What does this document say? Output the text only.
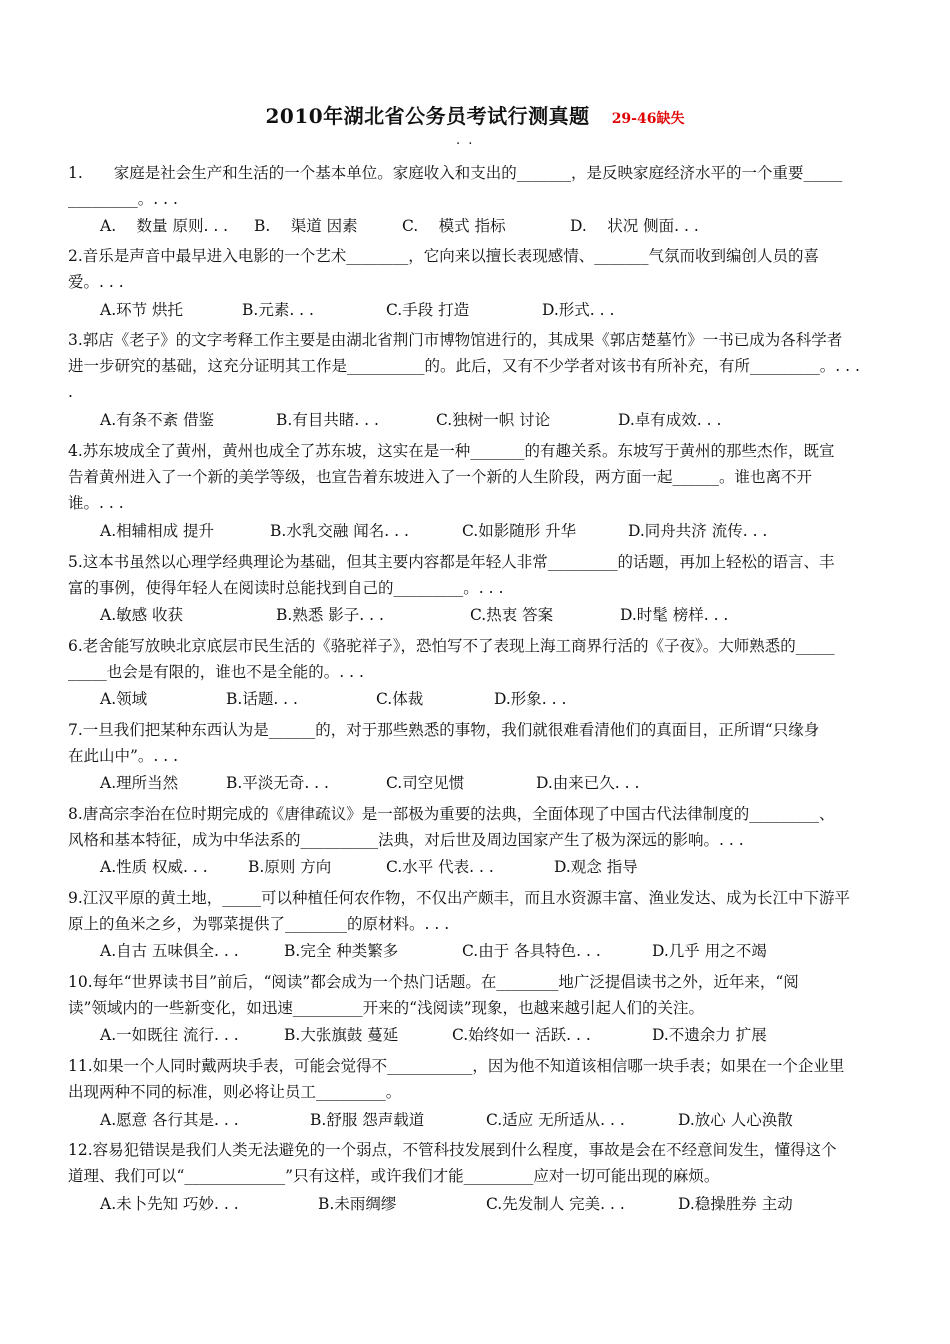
2010年湖北省公务员考试行测真题 29-46缺失
. .

1.　　家庭是社会生产和生活的一个基本单位。家庭收入和支出的_______，是反映家庭经济水平的一个重要_____

_________。. . .

A.　 数量 原则. . . B.　 渠道 因素	C.　 模式 指标	D.　 状况 侧面. . .

2.音乐是声音中最早进入电影的一个艺术________，它向来以擅长表现感情、_______气氛而收到编创人员的喜

爱。. . .

A.环节 烘托	B.元素. . .	C.手段 打造	D.形式. . .

3.郭店《老子》的文字考释工作主要是由湖北省荆门市博物馆进行的，其成果《郭店楚墓竹》一书已成为各科学者

进一步研究的基础，这充分证明其工作是__________的。此后，又有不少学者对该书有所补充，有所_________。. . .

.

A.有条不紊 借鉴	B.有目共睹. . .	C.独树一帜 讨论	D.卓有成效. . .

4.苏东坡成全了黄州，黄州也成全了苏东坡，这实在是一种_______的有趣关系。东坡写于黄州的那些杰作，既宣

告着黄州进入了一个新的美学等级，也宣告着东坡进入了一个新的人生阶段，两方面一起______。谁也离不开

谁。. . .

A.相辅相成 提升	B.水乳交融 闻名. . .	C.如影随形 升华	D.同舟共济 流传. . .

5.这本书虽然以心理学经典理论为基础，但其主要内容都是年轻人非常_________的话题，再加上轻松的语言、丰

富的事例，使得年轻人在阅读时总能找到自己的_________。. . .

A.敏感 收获	B.熟悉 影子. . .	C.热衷 答案	D.时髦 榜样. . .

6.老舍能写放映北京底层市民生活的《骆驼祥子》，恐怕写不了表现上海工商界行活的《子夜》。大师熟悉的_____

_____也会是有限的，谁也不是全能的。. . .

A.领域	B.话题. . .	C.体裁	D.形象. . .

7.一旦我们把某种东西认为是______的，对于那些熟悉的事物，我们就很难看清他们的真面目，正所谓“只缘身

在此山中”。. . .

A.理所当然	B.平淡无奇. . .	C.司空见惯	D.由来已久. . .

8.唐高宗李治在位时期完成的《唐律疏议》是一部极为重要的法典，全面体现了中国古代法律制度的_________、

风格和基本特征，成为中华法系的__________法典，对后世及周边国家产生了极为深远的影响。. . .

A.性质 权威. . .	B.原则 方向	C.水平 代表. . .	D.观念 指导

9.江汉平原的黄土地，_____可以种植任何农作物，不仅出产颇丰，而且水资源丰富、渔业发达、成为长江中下游平

原上的鱼米之乡，为鄂菜提供了________的原材料。. . .

A.自古 五味俱全. . .	B.完全 种类繁多	C.由于 各具特色. . .	D.几乎 用之不竭

10.每年“世界读书目”前后，“阅读”都会成为一个热门话题。在________地广泛提倡读书之外，近年来，“阅

读”领域内的一些新变化，如迅速_________开来的“浅阅读”现象，也越来越引起人们的关注。

A.一如既往 流行. . .	B.大张旗鼓 蔓延	C.始终如一 活跃. . .	D.不遗余力 扩展

11.如果一个人同时戴两块手表，可能会觉得不___________，因为他不知道该相信哪一块手表；如果在一个企业里

出现两种不同的标准，则必将让员工_________。

A.愿意 各行其是. . .	B.舒服 怨声载道	C.适应 无所适从. . .	D.放心 人心涣散

12.容易犯错误是我们人类无法避免的一个弱点，不管科技发展到什么程度，事故是会在不经意间发生，懂得这个

道理、我们可以“_____________”只有这样，或许我们才能_________应对一切可能出现的麻烦。

A.未卜先知 巧妙. . .	B.未雨绸缪	C.先发制人 完美. . .	D.稳操胜券 主动
